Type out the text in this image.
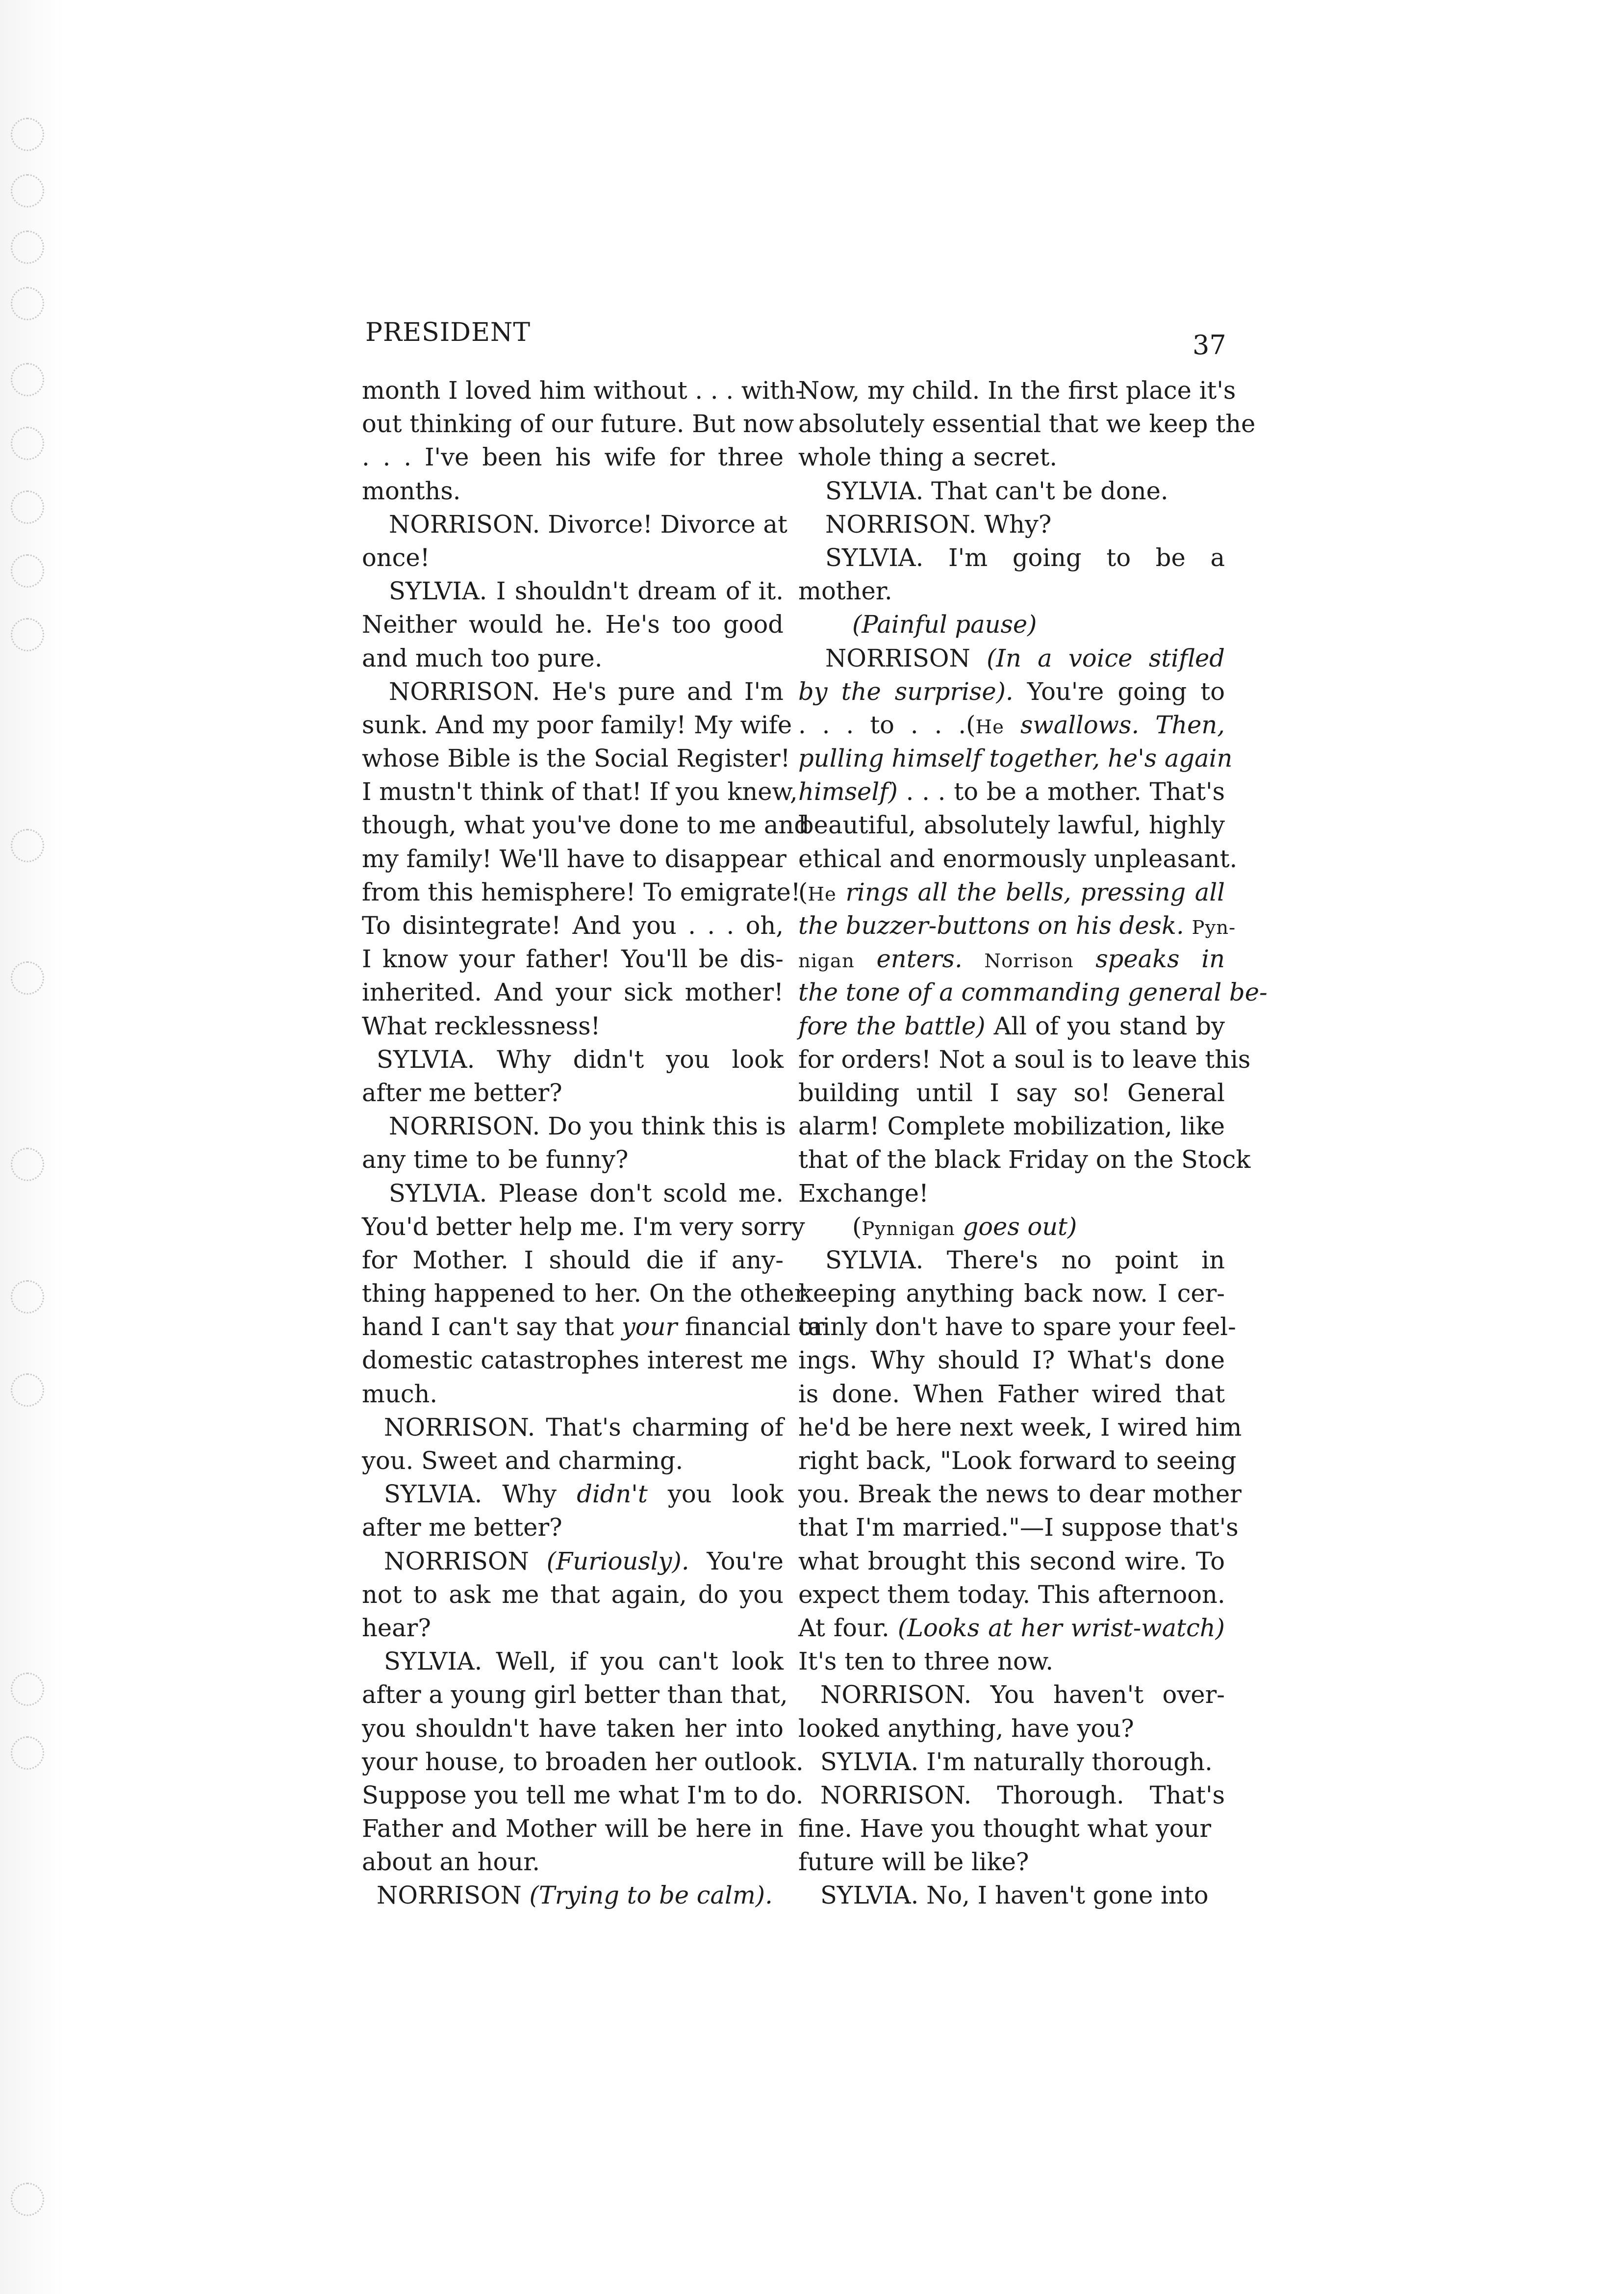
PRESIDENT	37
month I loved him without . . . with-
out thinking of our future. But now
. . . I've been his wife for three
months.
NORRISON. Divorce! Divorce at
once!
SYLVIA. I shouldn't dream of it.
Neither would he. He's too good
and much too pure.
NORRISON. He's pure and I'm
sunk. And my poor family! My wife
whose Bible is the Social Register!
I mustn't think of that! If you knew,
though, what you've done to me and
my family! We'll have to disappear
from this hemisphere! To emigrate!
To disintegrate! And you . . . oh,
I know your father! You'll be dis-
inherited. And your sick mother!
What recklessness!
SYLVIA. Why didn't you look
after me better?
NORRISON. Do you think this is
any time to be funny?
SYLVIA. Please don't scold me.
You'd better help me. I'm very sorry
for Mother. I should die if any-
thing happened to her. On the other
hand I can't say that your financial or
domestic catastrophes interest me
much.
NORRISON. That's charming of
you. Sweet and charming.
SYLVIA. Why didn't you look
after me better?
NORRISON (Furiously). You're
not to ask me that again, do you
hear?
SYLVIA. Well, if you can't look
after a young girl better than that,
you shouldn't have taken her into
your house, to broaden her outlook.
Suppose you tell me what I'm to do.
Father and Mother will be here in
about an hour.
NORRISON (Trying to be calm).
Now, my child. In the first place it's
absolutely essential that we keep the
whole thing a secret.
SYLVIA. That can't be done.
NORRISON. Why?
SYLVIA. I'm going to be a
mother.
(Painful pause)
NORRISON (In a voice stifled
by the surprise). You're going to
. . . to . . .(He swallows. Then,
pulling himself together, he's again
himself) . . . to be a mother. That's
beautiful, absolutely lawful, highly
ethical and enormously unpleasant.
(He rings all the bells, pressing all
the buzzer-buttons on his desk. Pyn-
nigan enters. Norrison speaks in
the tone of a commanding general be-
fore the battle) All of you stand by
for orders! Not a soul is to leave this
building until I say so! General
alarm! Complete mobilization, like
that of the black Friday on the Stock
Exchange!
(Pynnigan goes out)
SYLVIA. There's no point in
keeping anything back now. I cer-
tainly don't have to spare your feel-
ings. Why should I? What's done
is done. When Father wired that
he'd be here next week, I wired him
right back, "Look forward to seeing
you. Break the news to dear mother
that I'm married."—I suppose that's
what brought this second wire. To
expect them today. This afternoon.
At four. (Looks at her wrist-watch)
It's ten to three now.
NORRISON. You haven't over-
looked anything, have you?
SYLVIA. I'm naturally thorough.
NORRISON. Thorough. That's
fine. Have you thought what your
future will be like?
SYLVIA. No, I haven't gone into
